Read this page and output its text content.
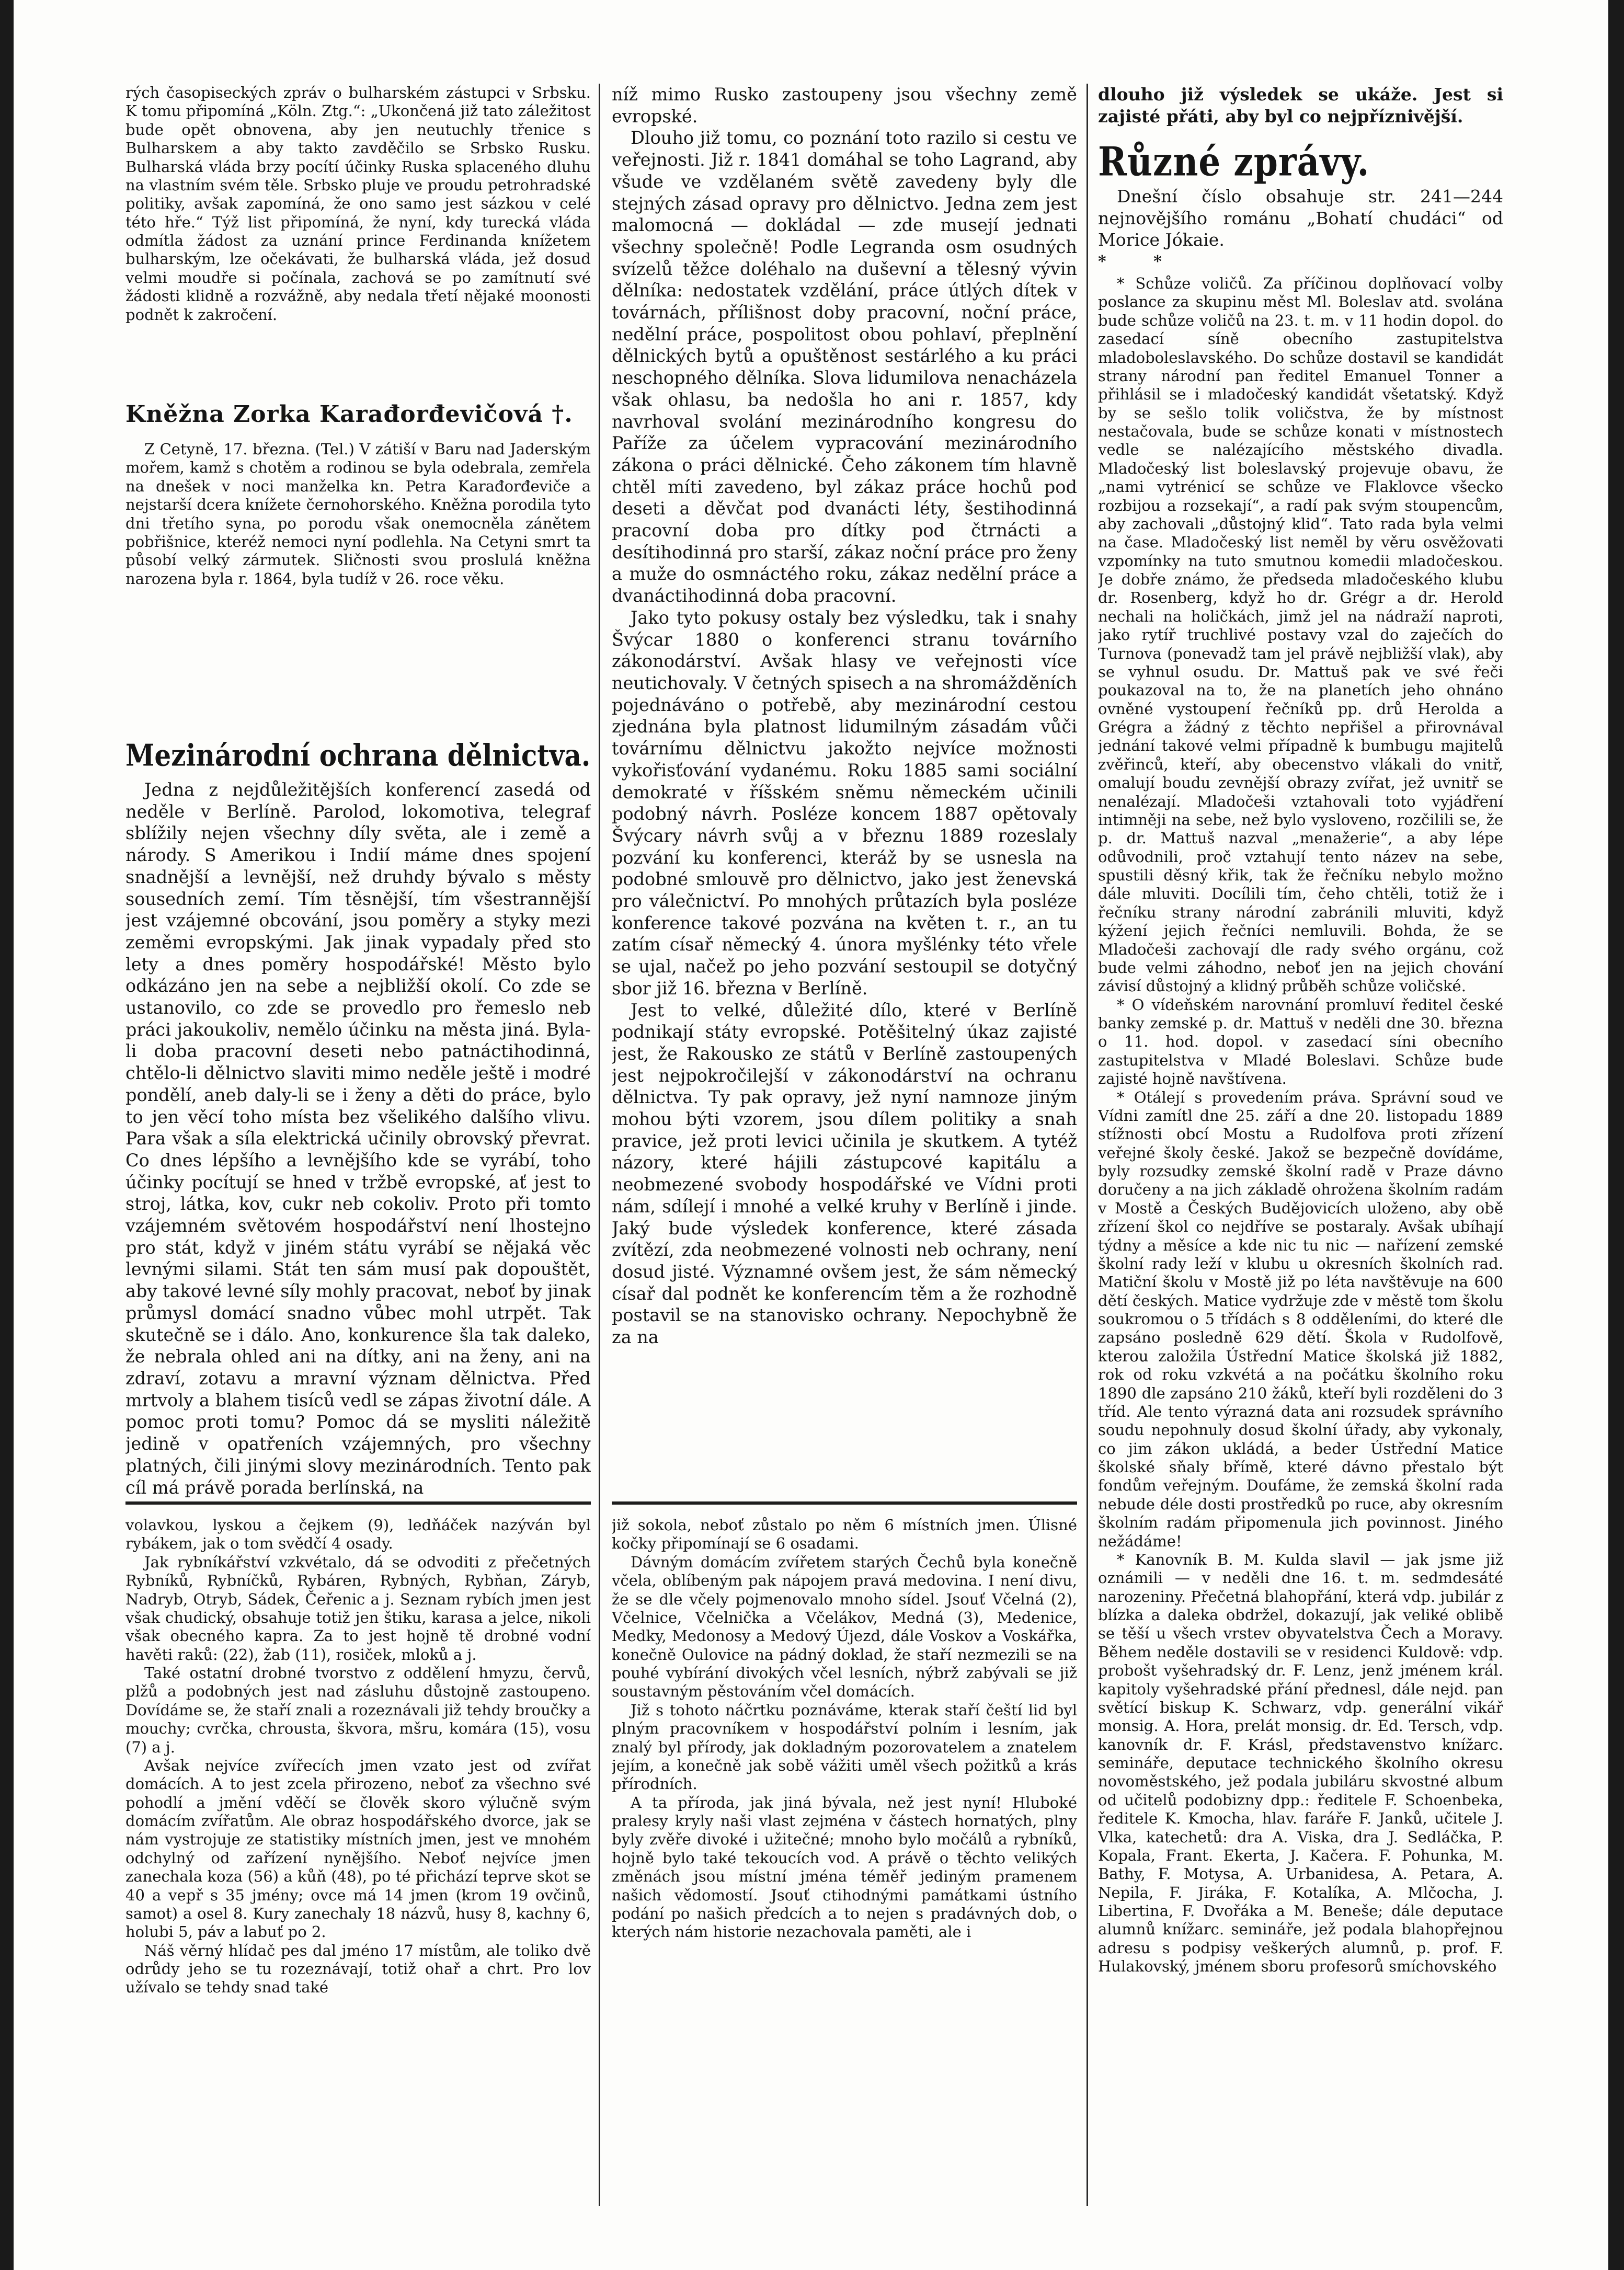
rých časopiseckých zpráv o bulharském zástupci v Srbsku. K tomu připomíná „Köln. Ztg.“: „Ukončená již tato záležitost bude opět obnovena, aby jen neutuchly třenice s Bulharskem a aby takto zavděčilo se Srbsko Rusku. Bulharská vláda brzy pocítí účinky Ruska splaceného dluhu na vlastním svém těle. Srbsko pluje ve proudu petrohradské politiky, avšak zapomíná, že ono samo jest sázkou v celé této hře.“ Týž list připomíná, že nyní, kdy turecká vláda odmítla žádost za uznání prince Ferdinanda knížetem bulharským, lze očekávati, že bulharská vláda, jež dosud velmi moudře si počínala, zachová se po zamítnutí své žádosti klidně a rozvážně, aby nedala třetí nějaké moonosti podnět k zakročení.

Kněžna Zorka Karađorđevičová †.

Z Cetyně, 17. března. (Tel.) V zátiší v Baru nad Jaderským mořem, kamž s chotěm a rodinou se byla odebrala, zemřela na dnešek v noci manželka kn. Petra Karađorđeviče a nejstarší dcera knížete černohorského. Kněžna porodila tyto dni třetího syna, po porodu však onemocněla zánětem pobřišnice, kteréž nemoci nyní podlehla. Na Cetyni smrt ta působí velký zármutek. Sličnosti svou proslulá kněžna narozena byla r. 1864, byla tudíž v 26. roce věku.

Mezinárodní ochrana dělnictva.

Jedna z nejdůležitějších konferencí zasedá od neděle v Berlíně. Parolod, lokomotiva, telegraf sblížily nejen všechny díly světa, ale i země a národy. S Amerikou i Indií máme dnes spojení snadnější a levnější, než druhdy bývalo s městy sousedních zemí. Tím těsnější, tím všestrannější jest vzájemné obcování, jsou poměry a styky mezi zeměmi evropskými. Jak jinak vypadaly před sto lety a dnes poměry hospodářské! Město bylo odkázáno jen na sebe a nejbližší okolí. Co zde se ustanovilo, co zde se provedlo pro řemeslo neb práci jakoukoliv, nemělo účinku na města jiná. Byla-li doba pracovní deseti nebo patnáctihodinná, chtělo-li dělnictvo slaviti mimo neděle ještě i modré pondělí, aneb daly-li se i ženy a děti do práce, bylo to jen věcí toho místa bez všelikého dalšího vlivu. Para však a síla elektrická učinily obrovský převrat. Co dnes lépšího a levnějšího kde se vyrábí, toho účinky pocítují se hned v tržbě evropské, ať jest to stroj, látka, kov, cukr neb cokoliv. Proto při tomto vzájemném světovém hospodářství není lhostejno pro stát, když v jiném státu vyrábí se nějaká věc levnými silami. Stát ten sám musí pak dopouštět, aby takové levné síly mohly pracovat, neboť by jinak průmysl domácí snadno vůbec mohl utrpět. Tak skutečně se i dálo. Ano, konkurence šla tak daleko, že nebrala ohled ani na dítky, ani na ženy, ani na zdraví, zotavu a mravní význam dělnictva. Před mrtvoly a blahem tisíců vedl se zápas životní dále. A pomoc proti tomu? Pomoc dá se mysliti náležitě jedině v opatřeních vzájemných, pro všechny platných, čili jinými slovy mezinárodních. Tento pak cíl má právě porada berlínská, na

volavkou, lyskou a čejkem (9), ledňáček nazýván byl rybákem, jak o tom svědčí 4 osady.

Jak rybníkářství vzkvétalo, dá se odvoditi z přečetných Rybníků, Rybníčků, Rybáren, Rybných, Rybňan, Záryb, Nadryb, Otryb, Sádek, Čeřenic a j. Seznam rybích jmen jest však chudický, obsahuje totiž jen štiku, karasa a jelce, nikoli však obecného kapra. Za to jest hojně tě drobné vodní havěti raků: (22), žab (11), rosiček, mloků a j.

Také ostatní drobné tvorstvo z oddělení hmyzu, červů, plžů a podobných jest nad zásluhu důstojně zastoupeno. Dovídáme se, že staří znali a rozeznávali již tehdy broučky a mouchy; cvrčka, chrousta, škvora, mšru, komára (15), vosu (7) a j.

Avšak nejvíce zvířecích jmen vzato jest od zvířat domácích. A to jest zcela přirozeno, neboť za všechno své pohodlí a jmění vděčí se člověk skoro výlučně svým domácím zvířatům. Ale obraz hospodářského dvorce, jak se nám vystrojuje ze statistiky místních jmen, jest ve mnohém odchylný od zařízení nynějšího. Neboť nejvíce jmen zanechala koza (56) a kůň (48), po té přichází teprve skot se 40 a vepř s 35 jmény; ovce má 14 jmen (krom 19 ovčinů, samot) a osel 8. Kury zanechaly 18 názvů, husy 8, kachny 6, holubi 5, páv a labuť po 2.

Náš věrný hlídač pes dal jméno 17 místům, ale toliko dvě odrůdy jeho se tu rozeznávají, totiž ohař a chrt. Pro lov užívalo se tehdy snad také

níž mimo Rusko zastoupeny jsou všechny země evropské.

Dlouho již tomu, co poznání toto razilo si cestu ve veřejnosti. Již r. 1841 domáhal se toho Lagrand, aby všude ve vzdělaném světě zavedeny byly dle stejných zásad opravy pro dělnictvo. Jedna zem jest malomocná — dokládal — zde musejí jednati všechny společně! Podle Legranda osm osudných svízelů těžce doléhalo na duševní a tělesný vývin dělníka: nedostatek vzdělání, práce útlých dítek v továrnách, přílišnost doby pracovní, noční práce, nedělní práce, pospolitost obou pohlaví, přeplnění dělnických bytů a opuštěnost sestárlého a ku práci neschopného dělníka. Slova lidumilova nenacházela však ohlasu, ba nedošla ho ani r. 1857, kdy navrhoval svolání mezinárodního kongresu do Paříže za účelem vypracování mezinárodního zákona o práci dělnické. Čeho zákonem tím hlavně chtěl míti zavedeno, byl zákaz práce hochů pod deseti a děvčat pod dvanácti léty, šestihodinná pracovní doba pro dítky pod čtrnácti a desítihodinná pro starší, zákaz noční práce pro ženy a muže do osmnáctého roku, zákaz nedělní práce a dvanáctihodinná doba pracovní.

Jako tyto pokusy ostaly bez výsledku, tak i snahy Švýcar 1880 o konferenci stranu továrního zákonodárství. Avšak hlasy ve veřejnosti více neutichovaly. V četných spisech a na shromážděních pojednáváno o potřebě, aby mezinárodní cestou zjednána byla platnost lidumilným zásadám vůči továrnímu dělnictvu jakožto nejvíce možnosti vykořisťování vydanému. Roku 1885 sami sociální demokraté v říšském sněmu německém učinili podobný návrh. Posléze koncem 1887 opětovaly Švýcary návrh svůj a v březnu 1889 rozeslaly pozvání ku konferenci, kteráž by se usnesla na podobné smlouvě pro dělnictvo, jako jest ženevská pro válečnictví. Po mnohých průtazích byla posléze konference takové pozvána na květen t. r., an tu zatím císař německý 4. února myšlénky této vřele se ujal, načež po jeho pozvání sestoupil se dotyčný sbor již 16. března v Berlíně.

Jest to velké, důležité dílo, které v Berlíně podnikají státy evropské. Potěšitelný úkaz zajisté jest, že Rakousko ze států v Berlíně zastoupených jest nejpokročilejší v zákonodárství na ochranu dělnictva. Ty pak opravy, jež nyní namnoze jiným mohou býti vzorem, jsou dílem politiky a snah pravice, jež proti levici učinila je skutkem. A tytéž názory, které hájili zástupcové kapitálu a neobmezené svobody hospodářské ve Vídni proti nám, sdílejí i mnohé a velké kruhy v Berlíně i jinde. Jaký bude výsledek konference, které zásada zvítězí, zda neobmezené volnosti neb ochrany, není dosud jisté. Významné ovšem jest, že sám německý císař dal podnět ke konferencím těm a že rozhodně postavil se na stanovisko ochrany. Nepochybně že za na

již sokola, neboť zůstalo po něm 6 místních jmen. Úlisné kočky připomínají se 6 osadami.

Dávným domácím zvířetem starých Čechů byla konečně včela, oblíbeným pak nápojem pravá medovina. I není divu, že se dle včely pojmenovalo mnoho sídel. Jsouť Včelná (2), Včelnice, Včelnička a Včelákov, Medná (3), Medenice, Medky, Medonosy a Medový Újezd, dále Voskov a Voskářka, konečně Oulovice na pádný doklad, že staří nezmezili se na pouhé vybírání divokých včel lesních, nýbrž zabývali se již soustavným pěstováním včel domácích.

Již s tohoto náčrtku poznáváme, kterak staří čeští lid byl plným pracovníkem v hospodářství polním i lesním, jak znalý byl přírody, jak dokladným pozorovatelem a znatelem jejím, a konečně jak sobě vážiti uměl všech požitků a krás přírodních.

A ta příroda, jak jiná bývala, než jest nyní! Hluboké pralesy kryly naši vlast zejména v částech hornatých, plny byly zvěře divoké i užitečné; mnoho bylo močálů a rybníků, hojně bylo také tekoucích vod. A právě o těchto velikých změnách jsou místní jména téměř jediným pramenem našich vědomostí. Jsouť ctihodnými památkami ústního podání po našich předcích a to nejen s pradávných dob, o kterých nám historie nezachovala paměti, ale i

dlouho již výsledek se ukáže. Jest si zajisté přáti, aby byl co nejpříznivější.

Různé zprávy.

Dnešní číslo obsahuje str. 241—244 nejnovějšího románu „Bohatí chudáci“ od Morice Jókaie.

* *

* Schůze voličů. Za příčinou doplňovací volby poslance za skupinu měst Ml. Boleslav atd. svolána bude schůze voličů na 23. t. m. v 11 hodin dopol. do zasedací síně obecního zastupitelstva mladoboleslavského. Do schůze dostavil se kandidát strany národní pan ředitel Emanuel Tonner a přihlásil se i mladočeský kandidát všetatský. Když by se sešlo tolik voličstva, že by místnost nestačovala, bude se schůze konati v místnostech vedle se nalézajícího městského divadla. Mladočeský list boleslavský projevuje obavu, že „nami vytrénicí se schůze ve Flaklovce všecko rozbijou a rozsekají“, a radí pak svým stoupencům, aby zachovali „důstojný klid“. Tato rada byla velmi na čase. Mladočeský list neměl by věru osvěžovati vzpomínky na tuto smutnou komedii mladočeskou. Je dobře známo, že předseda mladočeského klubu dr. Rosenberg, když ho dr. Grégr a dr. Herold nechali na holičkách, jimž jel na nádraží naproti, jako rytíř truchlivé postavy vzal do zaječích do Turnova (ponevadž tam jel právě nejbližší vlak), aby se vyhnul osudu. Dr. Mattuš pak ve své řeči poukazoval na to, že na planetích jeho ohnáno ovněné vystoupení řečníků pp. drů Herolda a Grégra a žádný z těchto nepřišel a přirovnával jednání takové velmi případně k bumbugu majitelů zvěřinců, kteří, aby obecenstvo vlákali do vnitř, omalují boudu zevnější obrazy zvířat, jež uvnitř se nenalézají. Mladočeši vztahovali toto vyjádření intimněji na sebe, než bylo vysloveno, rozčilili se, že p. dr. Mattuš nazval „menažerie“, a aby lépe odůvodnili, proč vztahují tento název na sebe, spustili děsný křik, tak že řečníku nebylo možno dále mluviti. Docílili tím, čeho chtěli, totiž že i řečníku strany národní zabránili mluviti, když kýžení jejich řečníci nemluvili. Bohda, že se Mladočeši zachovají dle rady svého orgánu, což bude velmi záhodno, neboť jen na jejich chování závisí důstojný a klidný průběh schůze voličské.

* O vídeňském narovnání promluví ředitel české banky zemské p. dr. Mattuš v neděli dne 30. března o 11. hod. dopol. v zasedací síni obecního zastupitelstva v Mladé Boleslavi. Schůze bude zajisté hojně navštívena.

* Otálejí s provedením práva. Správní soud ve Vídni zamítl dne 25. září a dne 20. listopadu 1889 stížnosti obcí Mostu a Rudolfova proti zřízení veřejné školy české. Jakož se bezpečně dovídáme, byly rozsudky zemské školní radě v Praze dávno doručeny a na jich základě ohrožena školním radám v Mostě a Českých Budějovicích uloženo, aby obě zřízení škol co nejdříve se postaraly. Avšak ubíhají týdny a měsíce a kde nic tu nic — nařízení zemské školní rady leží v klubu u okresních školních rad. Matiční školu v Mostě již po léta navštěvuje na 600 dětí českých. Matice vydržuje zde v městě tom školu soukromou o 5 třídách s 8 odděleními, do které dle zapsáno posledně 629 dětí. Škola v Rudolfově, kterou založila Ústřední Matice školská již 1882, rok od roku vzkvétá a na počátku školního roku 1890 dle zapsáno 210 žáků, kteří byli rozděleni do 3 tříd. Ale tento výrazná data ani rozsudek správního soudu nepohnuly dosud školní úřady, aby vykonaly, co jim zákon ukládá, a beder Ústřední Matice školské sňaly břímě, které dávno přestalo být fondům veřejným. Doufáme, že zemská školní rada nebude déle dosti prostředků po ruce, aby okresním školním radám připomenula jich povinnost. Jiného nežádáme!

* Kanovník B. M. Kulda slavil — jak jsme již oznámili — v neděli dne 16. t. m. sedmdesáté narozeniny. Přečetná blahopřání, která vdp. jubilár z blízka a daleka obdržel, dokazují, jak veliké oblibě se těší u všech vrstev obyvatelstva Čech a Moravy. Během neděle dostavili se v residenci Kuldově: vdp. probošt vyšehradský dr. F. Lenz, jenž jménem král. kapitoly vyšehradské přání přednesl, dále nejd. pan světící biskup K. Schwarz, vdp. generální vikář monsig. A. Hora, prelát monsig. dr. Ed. Tersch, vdp. kanovník dr. F. Krásl, představenstvo knížarc. semináře, deputace technického školního okresu novoměstského, jež podala jubiláru skvostné album od učitelů podobizny dpp.: ředitele F. Schoenbeka, ředitele K. Kmocha, hlav. faráře F. Janků, učitele J. Vlka, katechetů: dra A. Viska, dra J. Sedláčka, P. Kopala, Frant. Ekerta, J. Kačera. F. Pohunka, M. Bathy, F. Motysa, A. Urbanidesa, A. Petara, A. Nepila, F. Jiráka, F. Kotalíka, A. Mlčocha, J. Libertina, F. Dvořáka a M. Beneše; dále deputace alumnů knížarc. semináře, jež podala blahopřejnou adresu s podpisy veškerých alumnů, p. prof. F. Hulakovský, jménem sboru profesorů smíchovského
